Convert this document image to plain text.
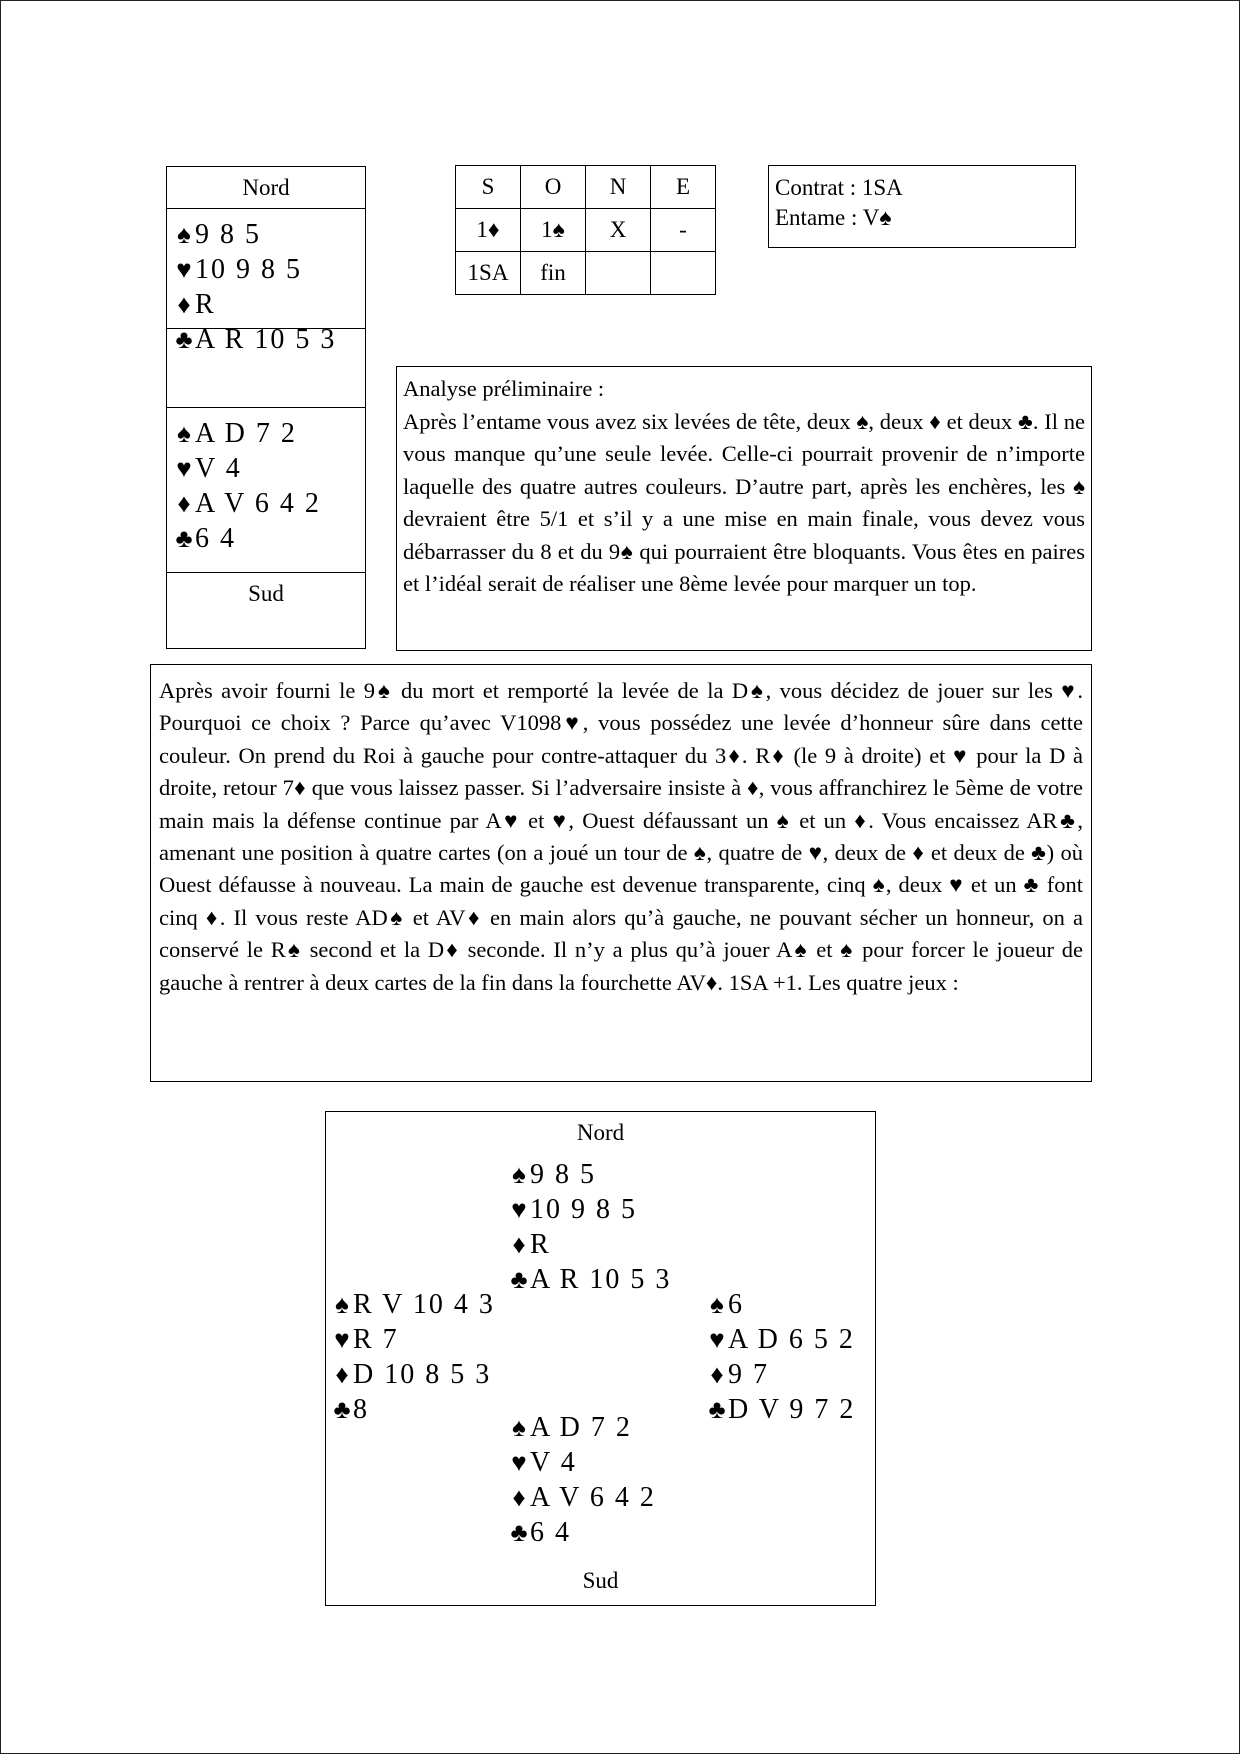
Nord
♠ 9 8 5
♥ 10 9 8 5
♦ R
♣A R 10 5 3
♠ A D 7 2
♥ V 4
♦ A V 6 4 2
♣6 4
Sud
S	O	N	E
1♦	1♠	X	-
1SA	fin		
Contrat : 1SA
Entame : V♠
Analyse préliminaire :
Après l’entame vous avez six levées de tête, deux ♠, deux ♦ et deux ♣. Il ne vous manque qu’une seule levée. Celle-ci pourrait provenir de n’importe laquelle des quatre autres couleurs. D’autre part, après les enchères, les ♠ devraient être 5/1 et s’il y a une mise en main finale, vous devez vous débarrasser du 8 et du 9♠ qui pourraient être bloquants. Vous êtes en paires et l’idéal serait de réaliser une 8ème levée pour marquer un top.
Après avoir fourni le 9♠ du mort et remporté la levée de la D♠, vous décidez de jouer sur les ♥. Pourquoi ce choix ? Parce qu’avec V1098♥, vous possédez une levée d’honneur sûre dans cette couleur. On prend du Roi à gauche pour contre-attaquer du 3♦. R♦ (le 9 à droite) et ♥ pour la D à droite, retour 7♦ que vous laissez passer. Si l’adversaire insiste à ♦, vous affranchirez le 5ème de votre main mais la défense continue par A♥ et ♥, Ouest défaussant un ♠ et un ♦. Vous encaissez AR♣, amenant une position à quatre cartes (on a joué un tour de ♠, quatre de ♥, deux de ♦ et deux de ♣) où Ouest défausse à nouveau. La main de gauche est devenue transparente, cinq ♠, deux ♥ et un ♣ font cinq ♦. Il vous reste AD♠ et AV♦ en main alors qu’à gauche, ne pouvant sécher un honneur, on a conservé le R♠ second et la D♦ seconde. Il n’y a plus qu’à jouer A♠ et ♠ pour forcer le joueur de gauche à rentrer à deux cartes de la fin dans la fourchette AV♦. 1SA +1. Les quatre jeux :
Nord
♠ 9 8 5
♥ 10 9 8 5
♦ R
♣A R 10 5 3
♠ R V 10 4 3
♥ R 7
♦ D 10 8 5 3
♣8
♠ 6
♥ A D 6 5 2
♦ 9 7
♣D V 9 7 2
♠ A D 7 2
♥ V 4
♦ A V 6 4 2
♣6 4
Sud
